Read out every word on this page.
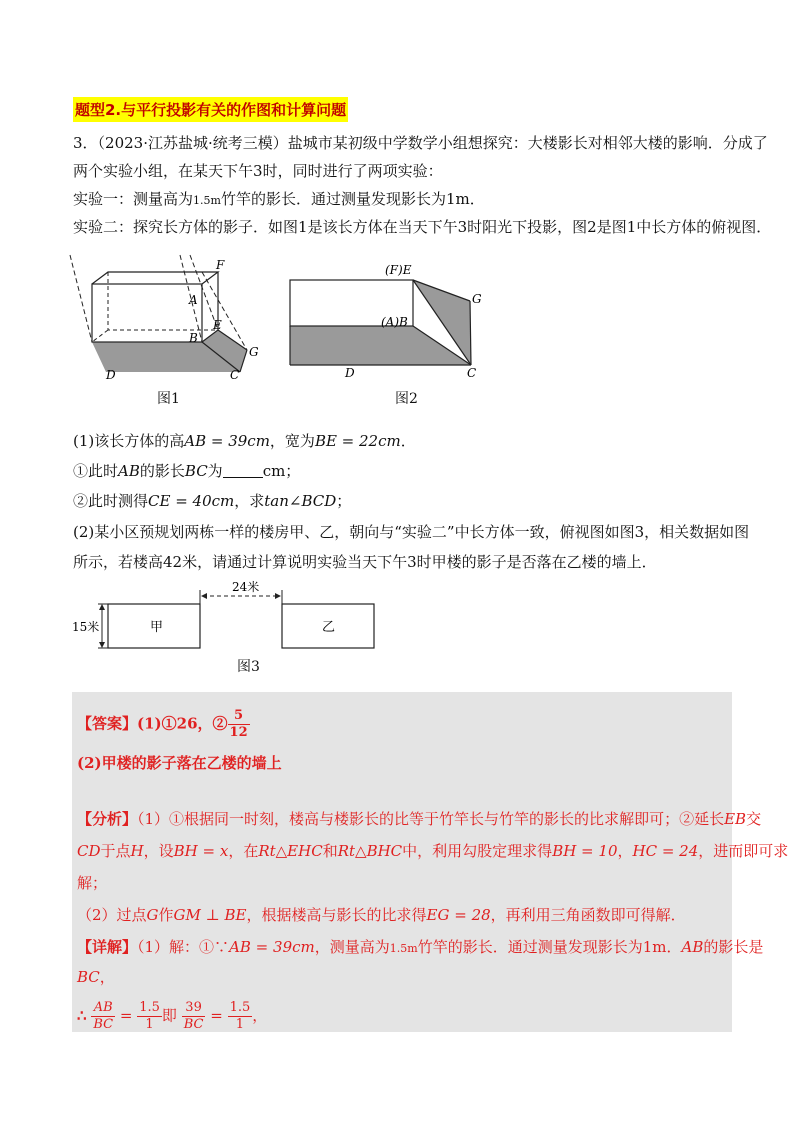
题型2.与平行投影有关的作图和计算问题
3．（2023·江苏盐城·统考三模）盐城市某初级中学数学小组想探究：大楼影长对相邻大楼的影响．分成了
两个实验小组，在某天下午3时，同时进行了两项实验：
实验一：测量高为1.5m竹竿的影长．通过测量发现影长为1m．
实验二：探究长方体的影子．如图1是该长方体在当天下午3时阳光下投影，图2是图1中长方体的俯视图．
F
A
E
B
G
D	C
图1
(F)E
(A)B
G
D	C
图2
(1)该长方体的高AB = 39cm，宽为BE = 22cm．
①此时AB的影长BC为	cm；
②此时测得CE = 40cm，求tan∠BCD；
(2)某小区预规划两栋一样的楼房甲、乙，朝向与“实验二”中长方体一致，俯视图如图3，相关数据如图
所示，若楼高42米，请通过计算说明实验当天下午3时甲楼的影子是否落在乙楼的墙上．
24米
15米	甲	乙
图3
【答案】(1)①26，② $\frac{5}{12}$
(2)甲楼的影子落在乙楼的墙上
【分析】（1）①根据同一时刻，楼高与楼影长的比等于竹竿长与竹竿的影长的比求解即可；②延长EB交
CD于点H，设BH = x，在Rt△EHC和Rt△BHC中，利用勾股定理求得BH = 10，HC = 24，进而即可求
解；
（2）过点G作GM ⊥ BE，根据楼高与影长的比求得EG = 28，再利用三角函数即可得解．
【详解】（1）解：①∵AB = 39cm，测量高为1.5m竹竿的影长．通过测量发现影长为1m．AB的影长是
BC，
∴ $\frac{AB}{BC} = \frac{1.5}{1}$ 即 $\frac{39}{BC} = \frac{1.5}{1}$ ，
